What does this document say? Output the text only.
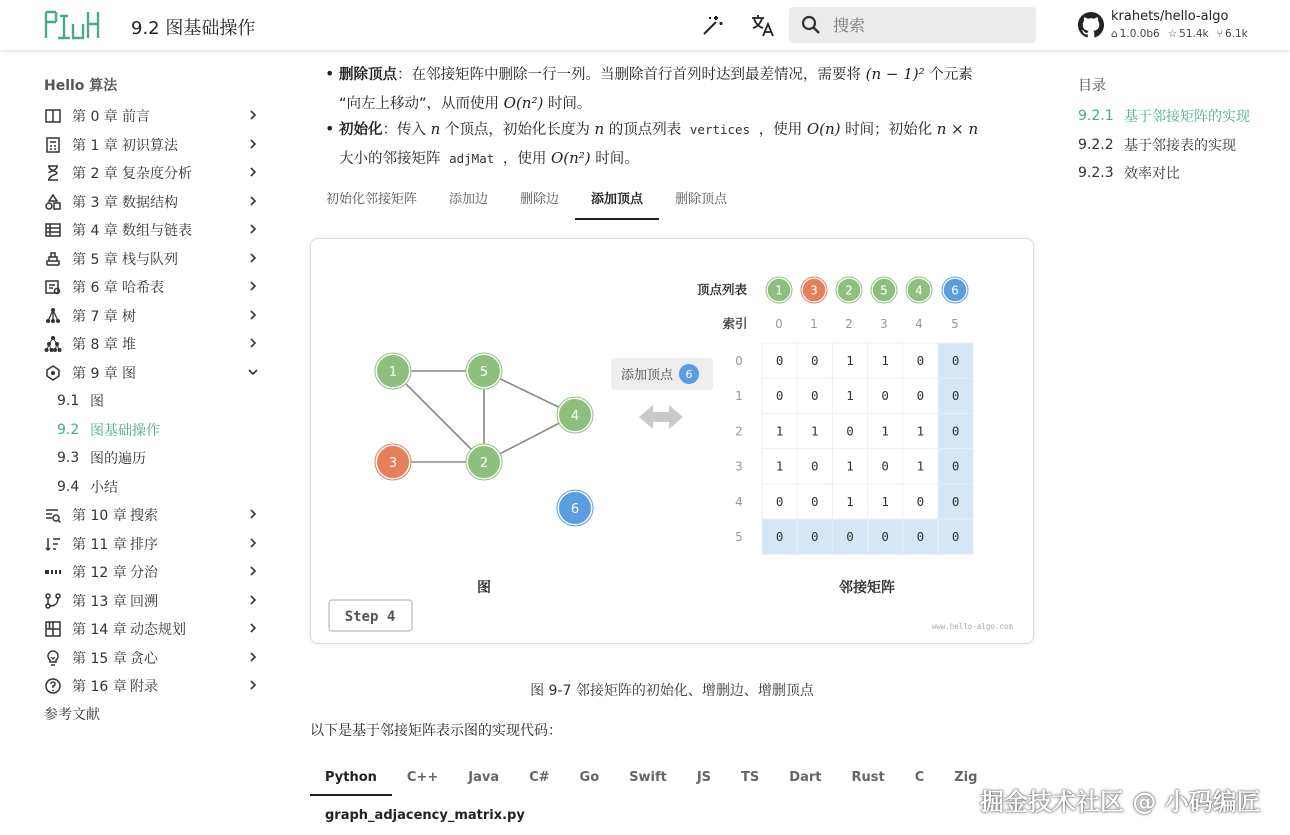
9.2 图基础操作
搜索
krahets/hello-algo
⌂ 1.0.0b6 ☆ 51.4k ⑂ 6.1k
Hello 算法
第 0 章 前言
第 1 章 初识算法
第 2 章 复杂度分析
第 3 章 数据结构
第 4 章 数组与链表
第 5 章 栈与队列
第 6 章 哈希表
第 7 章 树
第 8 章 堆
第 9 章 图
9.1 图
9.2 图基础操作
9.3 图的遍历
9.4 小结
第 10 章 搜索
第 11 章 排序
第 12 章 分治
第 13 章 回溯
第 14 章 动态规划
第 15 章 贪心
第 16 章 附录
参考文献
目录
9.2.1 基于邻接矩阵的实现
9.2.2 基于邻接表的实现
9.2.3 效率对比
• 删除顶点：在邻接矩阵中删除一行一列。当删除首行首列时达到最差情况，需要将 (n − 1)² 个元素
“向左上移动”，从而使用 O(n²) 时间。
• 初始化：传入 n 个顶点，初始化长度为 n 的顶点列表 vertices ，使用 O(n) 时间；初始化 n × n
大小的邻接矩阵 adjMat ，使用 O(n²) 时间。
初始化邻接矩阵	添加边	删除边	添加顶点	删除顶点
1	5
4
3	2
6
添加顶点 6
顶点列表 1 3 2 5 4 6
索引 0 1 2 3 4 5
0	0 0 1 1 0 0
1	0 0 1 0 0 0
2	1 1 0 1 1 0
3	1 0 1 0 1 0
4	0 0 1 1 0 0
5	0 0 0 0 0 0
图	邻接矩阵
Step 4
www.hello-algo.com
图 9-7 邻接矩阵的初始化、增删边、增删顶点
以下是基于邻接矩阵表示图的实现代码：
Python	C++	Java	C#	Go	Swift	JS	TS	Dart	Rust	C	Zig
graph_adjacency_matrix.py	掘金技术社区 @ 小码编匠
